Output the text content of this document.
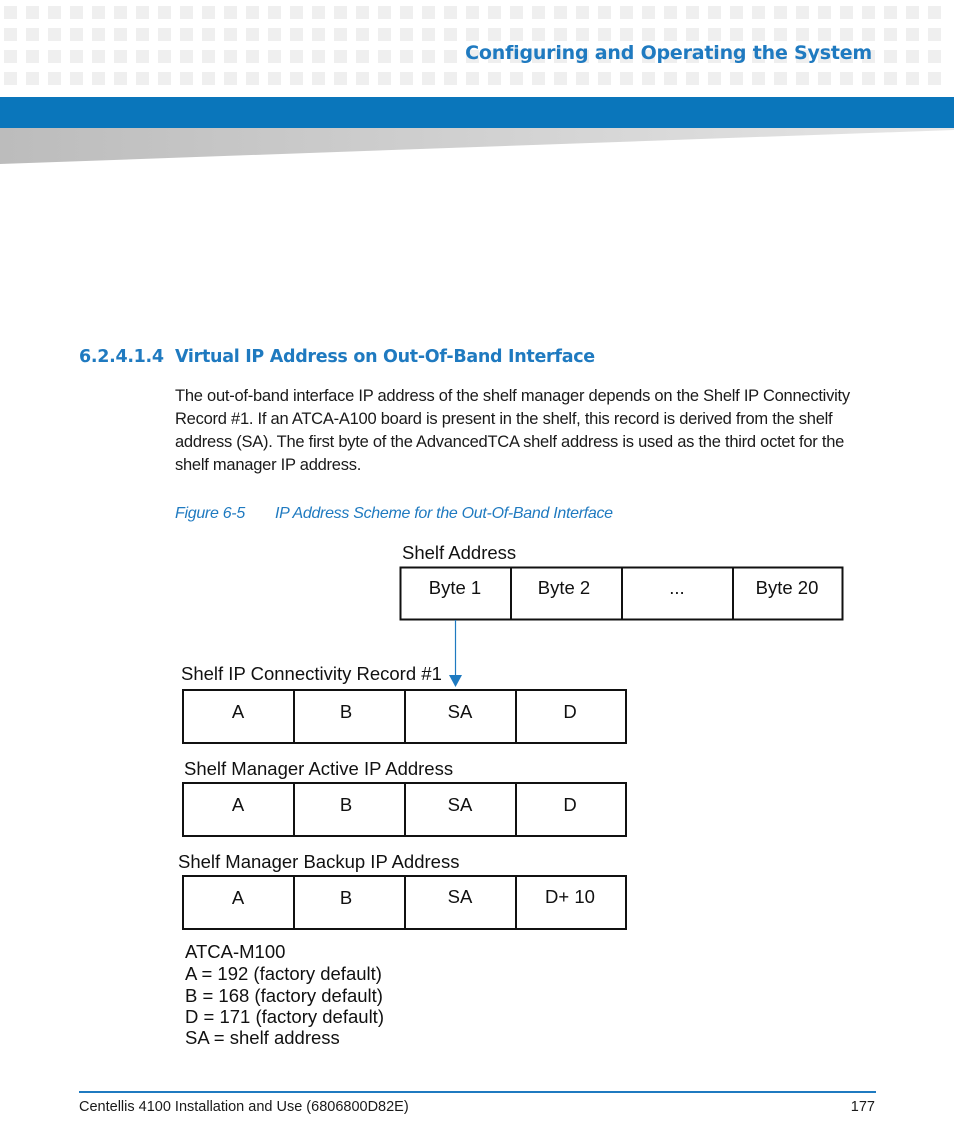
Configuring and Operating the System
6.2.4.1.4 Virtual IP Address on Out-Of-Band Interface

The out-of-band interface IP address of the shelf manager depends on the Shelf IP Connectivity Record #1. If an ATCA-A100 board is present in the shelf, this record is derived from the shelf address (SA). The first byte of the AdvancedTCA shelf address is used as the third octet for the shelf manager IP address.

Figure 6-5 IP Address Scheme for the Out-Of-Band Interface

Shelf Address
Byte 1	Byte 2	...	Byte 20
Shelf IP Connectivity Record #1
A	B	SA	D
Shelf Manager Active IP Address
A	B	SA	D
Shelf Manager Backup IP Address
A	B	SA	D+ 10
ATCA-M100
A = 192 (factory default)
B = 168 (factory default)
D = 171 (factory default)
SA = shelf address
Centellis 4100 Installation and Use (6806800D82E)	177
